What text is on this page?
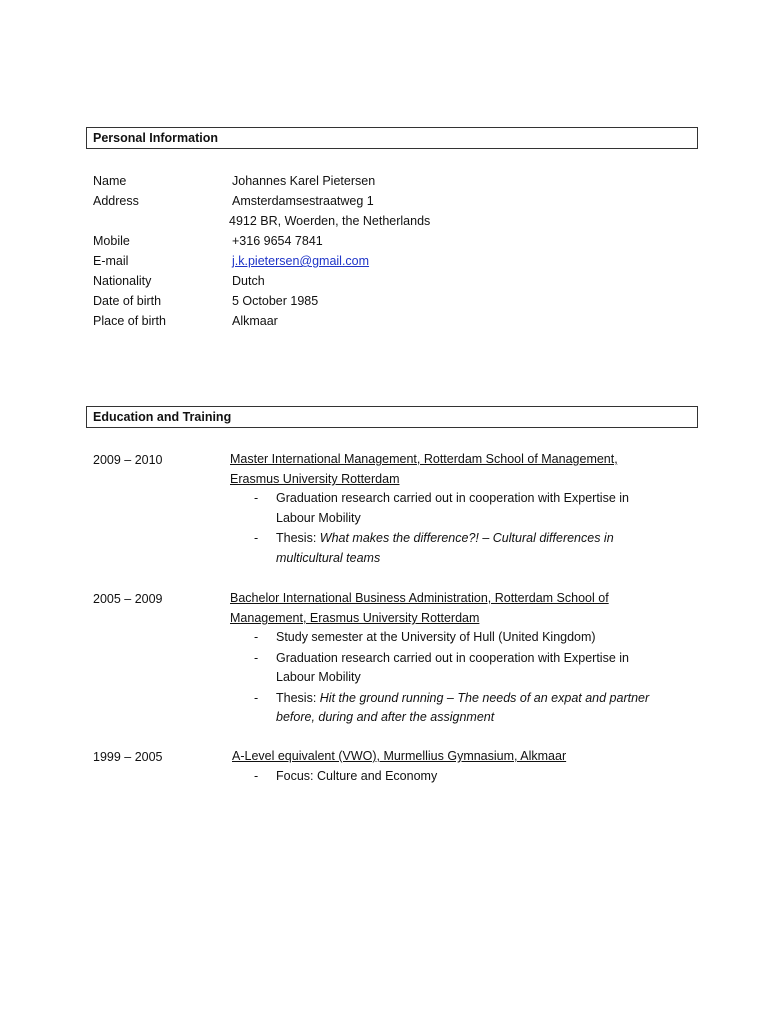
Personal Information
Name	Johannes Karel Pietersen
Address	Amsterdamsestraatweg 1
4912 BR, Woerden, the Netherlands
Mobile	+316 9654 7841
E-mail	j.k.pietersen@gmail.com
Nationality	Dutch
Date of birth	5 October 1985
Place of birth	Alkmaar
Education and Training
2009 – 2010	Master International Management, Rotterdam School of Management,
Erasmus University Rotterdam
- Graduation research carried out in cooperation with Expertise in
Labour Mobility
- Thesis: What makes the difference?! – Cultural differences in
multicultural teams
2005 – 2009	Bachelor International Business Administration, Rotterdam School of
Management, Erasmus University Rotterdam
- Study semester at the University of Hull (United Kingdom)
- Graduation research carried out in cooperation with Expertise in
Labour Mobility
- Thesis: Hit the ground running – The needs of an expat and partner
before, during and after the assignment
1999 – 2005	A-Level equivalent (VWO), Murmellius Gymnasium, Alkmaar
- Focus: Culture and Economy
